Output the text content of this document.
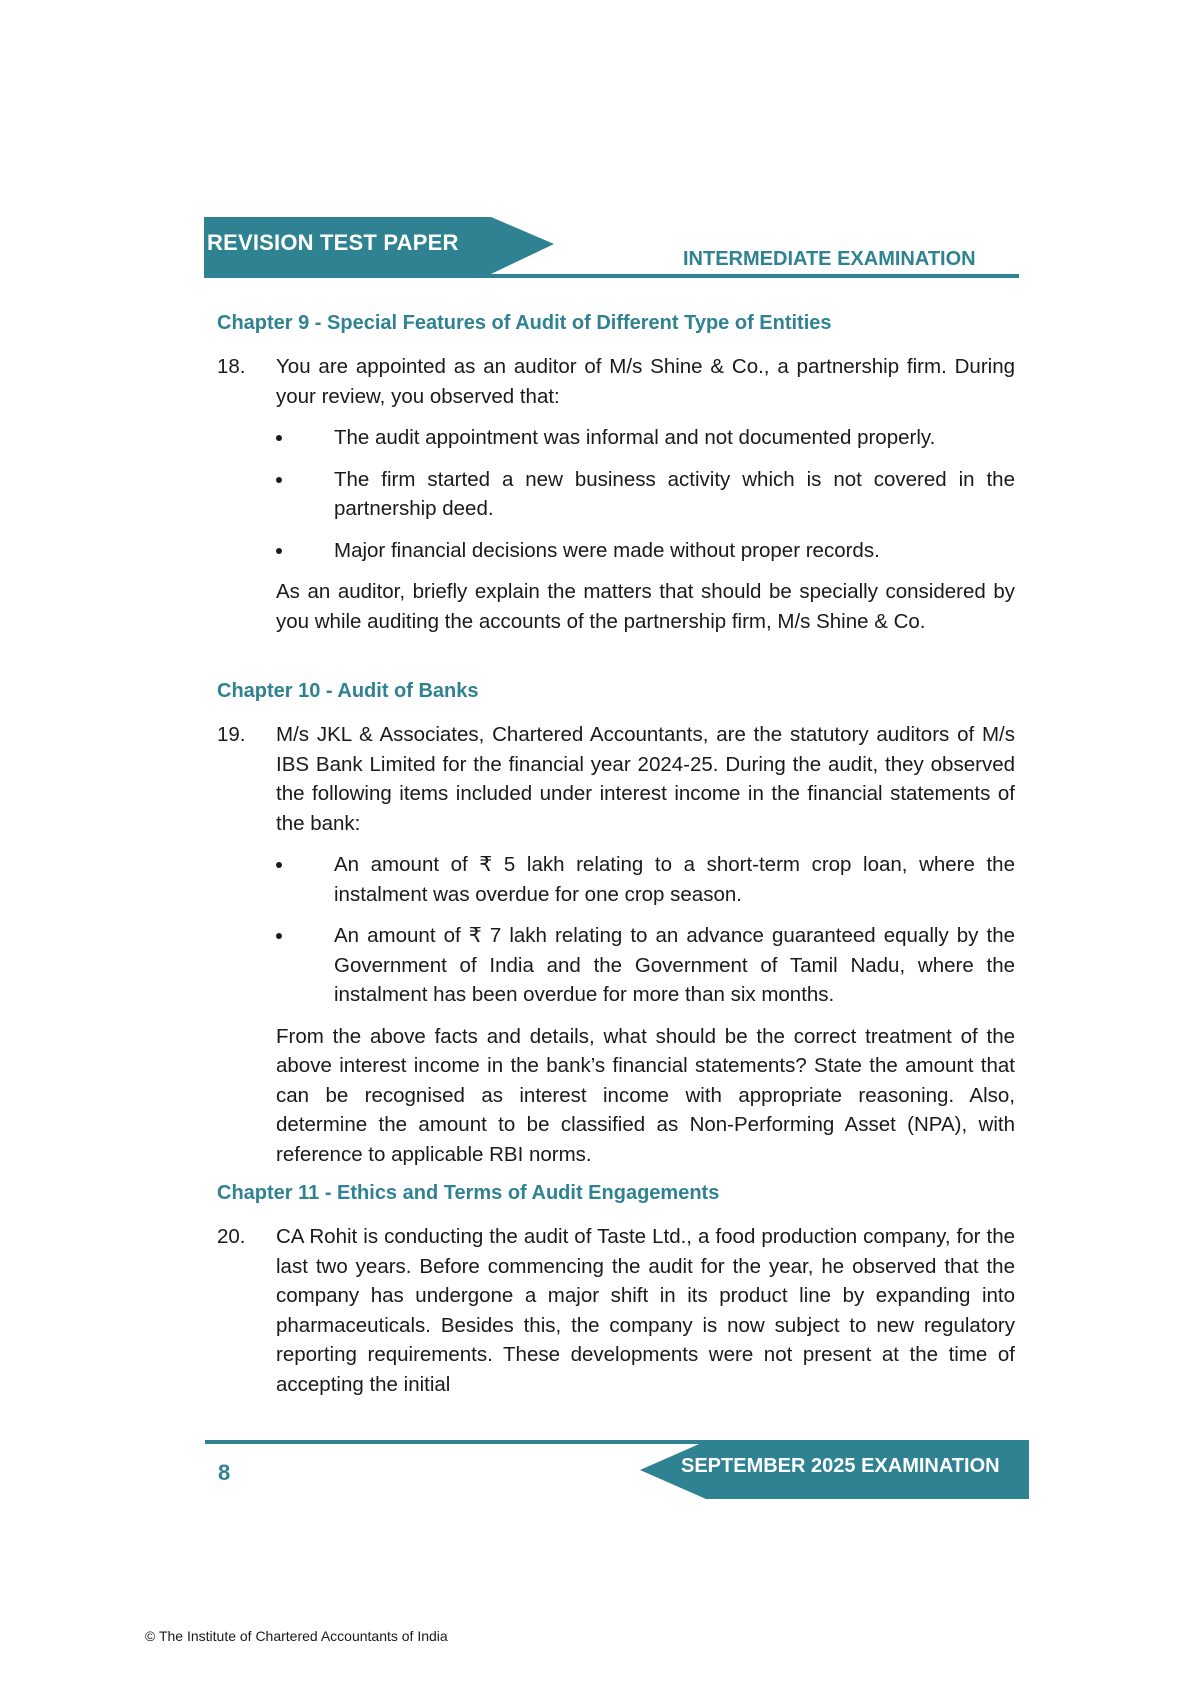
REVISION TEST PAPER
INTERMEDIATE EXAMINATION
Chapter 9 - Special Features of Audit of Different Type of Entities
18. You are appointed as an auditor of M/s Shine & Co., a partnership firm. During your review, you observed that:

The audit appointment was informal and not documented properly.
The firm started a new business activity which is not covered in the partnership deed.
Major financial decisions were made without proper records.

As an auditor, briefly explain the matters that should be specially considered by you while auditing the accounts of the partnership firm, M/s Shine & Co.

Chapter 10 - Audit of Banks
19. M/s JKL & Associates, Chartered Accountants, are the statutory auditors of M/s IBS Bank Limited for the financial year 2024-25. During the audit, they observed the following items included under interest income in the financial statements of the bank:

An amount of ₹ 5 lakh relating to a short-term crop loan, where the instalment was overdue for one crop season.
An amount of ₹ 7 lakh relating to an advance guaranteed equally by the Government of India and the Government of Tamil Nadu, where the instalment has been overdue for more than six months.

From the above facts and details, what should be the correct treatment of the above interest income in the bank’s financial statements? State the amount that can be recognised as interest income with appropriate reasoning. Also, determine the amount to be classified as Non-Performing Asset (NPA), with reference to applicable RBI norms.

Chapter 11 - Ethics and Terms of Audit Engagements
20. CA Rohit is conducting the audit of Taste Ltd., a food production company, for the last two years. Before commencing the audit for the year, he observed that the company has undergone a major shift in its product line by expanding into pharmaceuticals. Besides this, the company is now subject to new regulatory reporting requirements. These developments were not present at the time of accepting the initial

SEPTEMBER 2025 EXAMINATION
8
© The Institute of Chartered Accountants of India
